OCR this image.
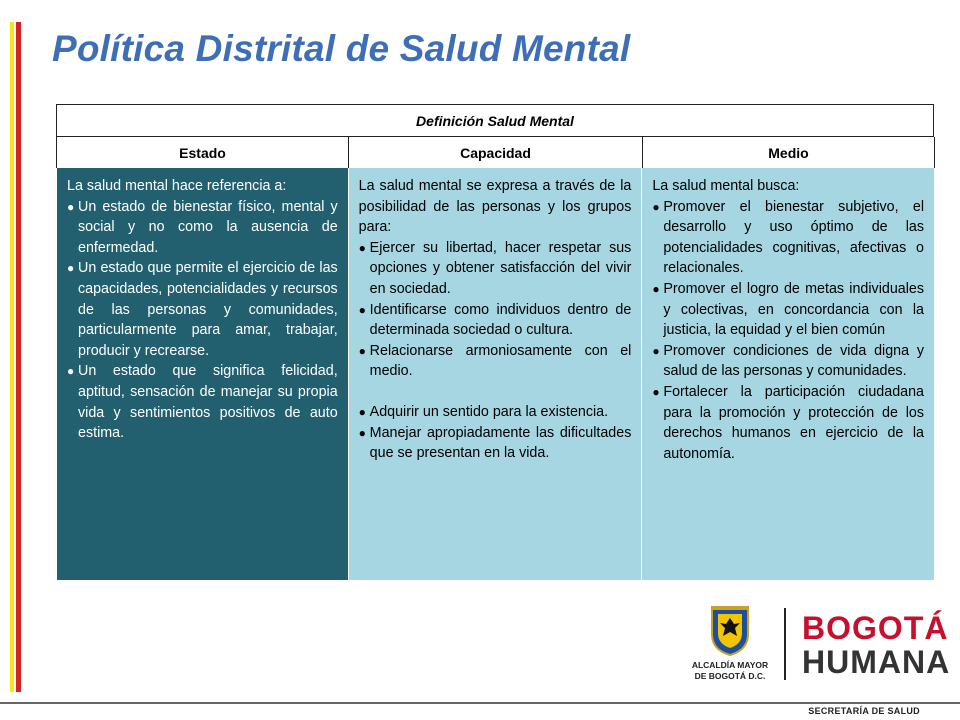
Política Distrital de Salud Mental
Definición Salud Mental
Estado	Capacidad	Medio

La salud mental hace referencia a:

● Un estado de bienestar físico, mental y social y no como la ausencia de enfermedad.
● Un estado que permite el ejercicio de las capacidades, potencialidades y recursos de las personas y comunidades, particularmente para amar, trabajar, producir y recrearse.
● Un estado que significa felicidad, aptitud, sensación de manejar su propia vida y sentimientos positivos de auto estima.

La salud mental se expresa a través de la posibilidad de las personas y los grupos para:

● Ejercer su libertad, hacer respetar sus opciones y obtener satisfacción del vivir en sociedad.
● Identificarse como individuos dentro de determinada sociedad o cultura.
● Relacionarse armoniosamente con el medio.
● Adquirir un sentido para la existencia.
● Manejar apropiadamente las dificultades que se presentan en la vida.

La salud mental busca:

● Promover el bienestar subjetivo, el desarrollo y uso óptimo de las potencialidades cognitivas, afectivas o relacionales.
● Promover el logro de metas individuales y colectivas, en concordancia con la justicia, la equidad y el bien común
● Promover condiciones de vida digna y salud de las personas y comunidades.
● Fortalecer la participación ciudadana para la promoción y protección de los derechos humanos en ejercicio de la autonomía.
ALCALDÍA MAYOR
DE BOGOTÁ D.C.
BOGOTÁ
HUMANA
SECRETARÍA DE SALUD
